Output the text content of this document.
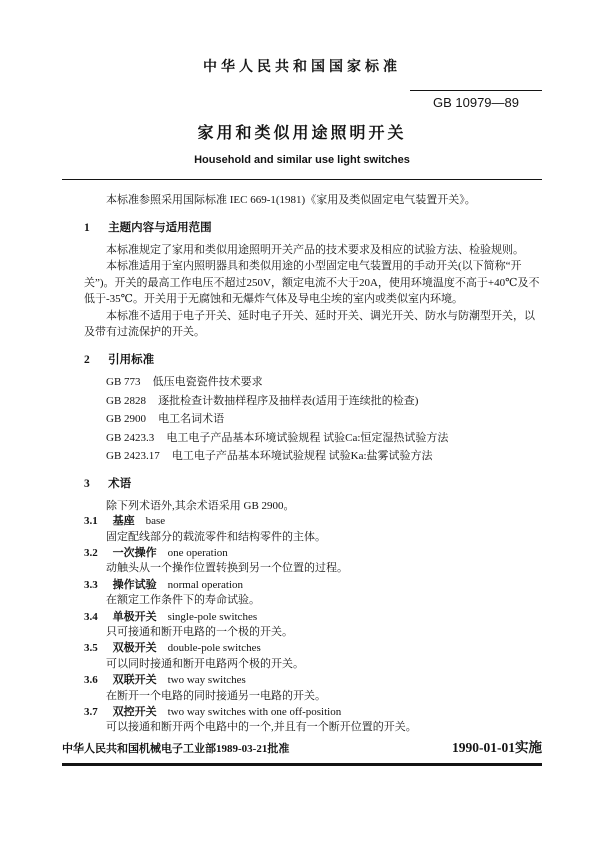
中华人民共和国国家标准
GB 10979—89
家用和类似用途照明开关
Household and similar use light switches

本标准参照采用国际标准 IEC 669-1(1981)《家用及类似固定电气装置开关》。

1 主题内容与适用范围

本标准规定了家用和类似用途照明开关产品的技术要求及相应的试验方法、检验规则。

本标准适用于室内照明器具和类似用途的小型固定电气装置用的手动开关(以下简称“开关”)。开关的最高工作电压不超过250V，额定电流不大于20A，使用环境温度不高于+40℃及不低于-35℃。开关用于无腐蚀和无爆炸气体及导电尘埃的室内或类似室内环境。

本标准不适用于电子开关、延时电子开关、延时开关、调光开关、防水与防潮型开关，以及带有过流保护的开关。

2 引用标准
GB 773 低压电瓷瓷件技术要求
GB 2828 逐批检查计数抽样程序及抽样表(适用于连续批的检查)
GB 2900 电工名词术语
GB 2423.3 电工电子产品基本环境试验规程 试验Ca:恒定湿热试验方法
GB 2423.17 电工电子产品基本环境试验规程 试验Ka:盐雾试验方法
3 术语

除下列术语外,其余术语采用 GB 2900。

3.1 基座 base
固定配线部分的载流零件和结构零件的主体。
3.2 一次操作 one operation
动触头从一个操作位置转换到另一个位置的过程。
3.3 操作试验 normal operation
在额定工作条件下的寿命试验。
3.4 单极开关 single-pole switches
只可接通和断开电路的一个极的开关。
3.5 双极开关 double-pole switches
可以同时接通和断开电路两个极的开关。
3.6 双联开关 two way switches
在断开一个电路的同时接通另一电路的开关。
3.7 双控开关 two way switches with one off-position
可以接通和断开两个电路中的一个,并且有一个断开位置的开关。
中华人民共和国机械电子工业部1989-03-21批准	1990-01-01实施
